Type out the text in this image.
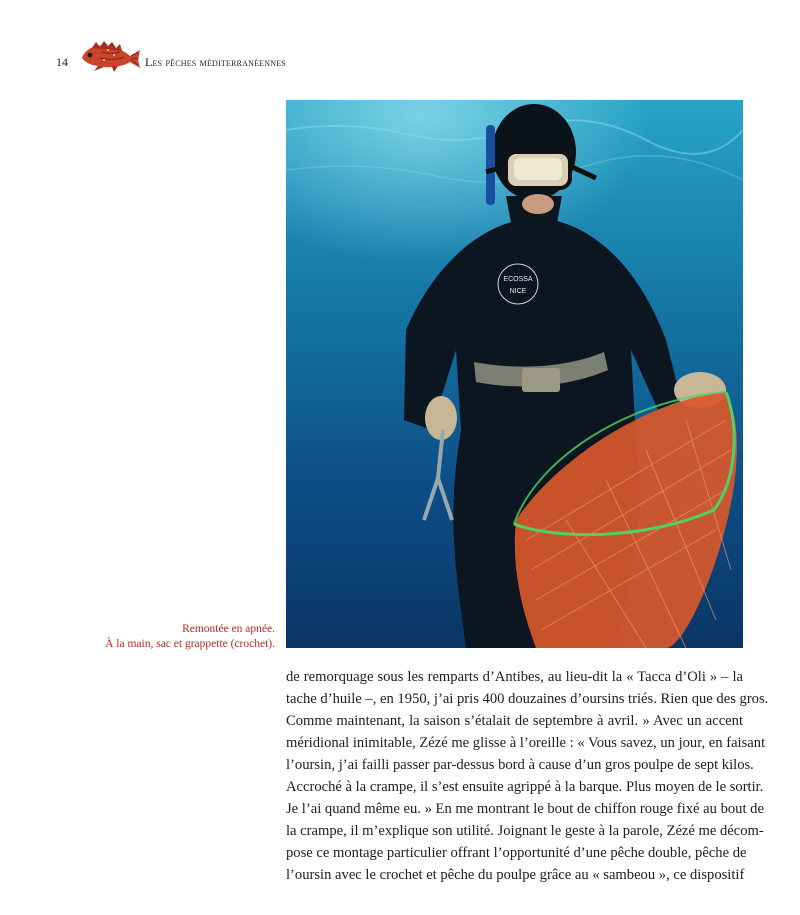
14	Les pêches méditerranéennes
ECOSSA
NICE
Remontée en apnée.
À la main, sac et grappette (crochet).
de remorquage sous les remparts d’Antibes, au lieu-dit la « Tacca d’Oli » – la
tache d’huile –, en 1950, j’ai pris 400 douzaines d’oursins triés. Rien que des gros.
Comme maintenant, la saison s’étalait de septembre à avril. » Avec un accent
méridional inimitable, Zézé me glisse à l’oreille : « Vous savez, un jour, en faisant
l’oursin, j’ai failli passer par-dessus bord à cause d’un gros poulpe de sept kilos.
Accroché à la crampe, il s’est ensuite agrippé à la barque. Plus moyen de le sortir.
Je l’ai quand même eu. » En me montrant le bout de chiffon rouge fixé au bout de
la crampe, il m’explique son utilité. Joignant le geste à la parole, Zézé me décom-
pose ce montage particulier offrant l’opportunité d’une pêche double, pêche de
l’oursin avec le crochet et pêche du poulpe grâce au « sambeou », ce dispositif
